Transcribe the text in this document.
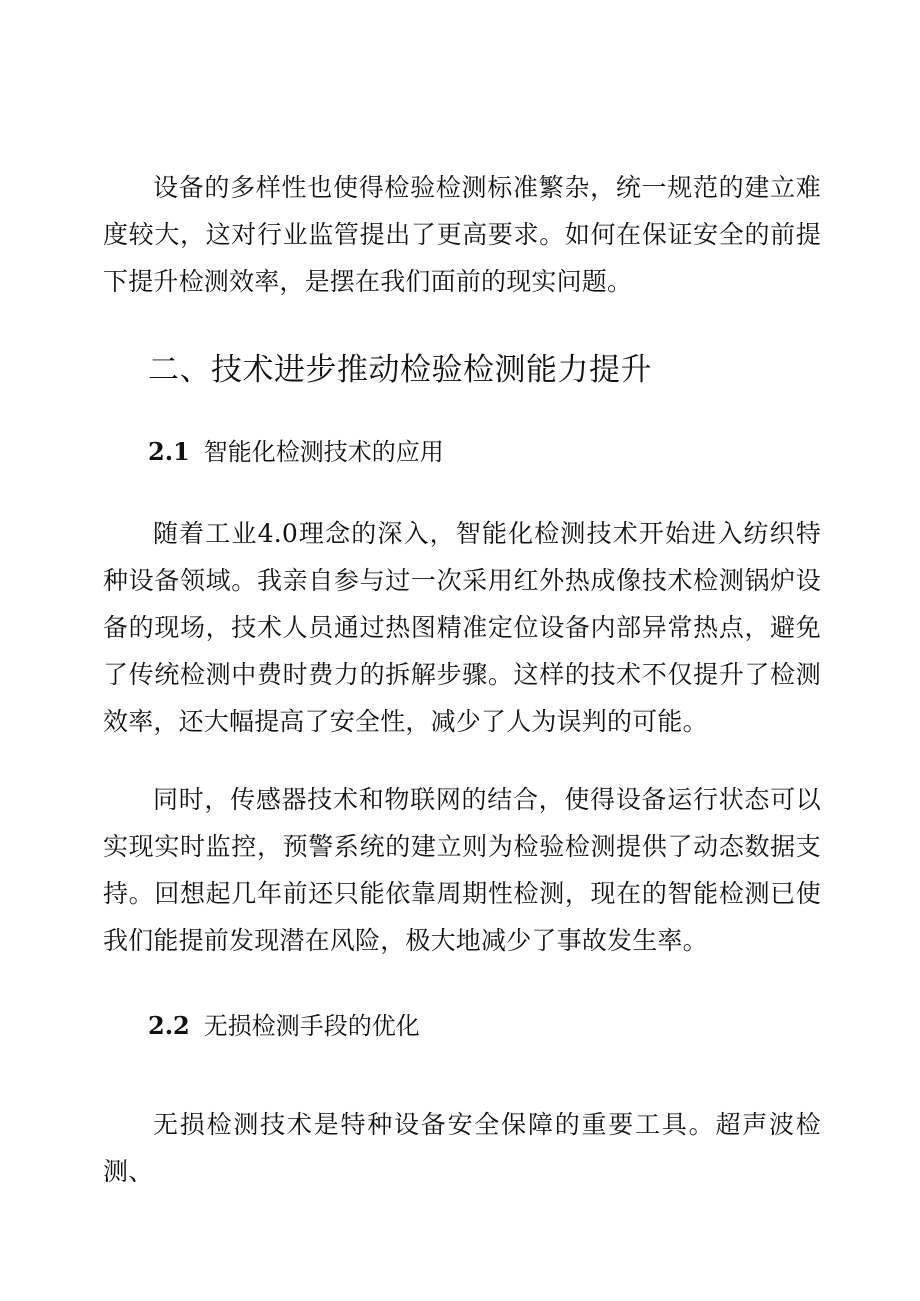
设备的多样性也使得检验检测标准繁杂，统一规范的建立难度较大，这对行业监管提出了更高要求。如何在保证安全的前提下提升检测效率，是摆在我们面前的现实问题。

二、技术进步推动检验检测能力提升
2.1 智能化检测技术的应用

随着工业4.0理念的深入，智能化检测技术开始进入纺织特种设备领域。我亲自参与过一次采用红外热成像技术检测锅炉设备的现场，技术人员通过热图精准定位设备内部异常热点，避免了传统检测中费时费力的拆解步骤。这样的技术不仅提升了检测效率，还大幅提高了安全性，减少了人为误判的可能。

同时，传感器技术和物联网的结合，使得设备运行状态可以实现实时监控，预警系统的建立则为检验检测提供了动态数据支持。回想起几年前还只能依靠周期性检测，现在的智能检测已使我们能提前发现潜在风险，极大地减少了事故发生率。

2.2 无损检测手段的优化

无损检测技术是特种设备安全保障的重要工具。超声波检测、
